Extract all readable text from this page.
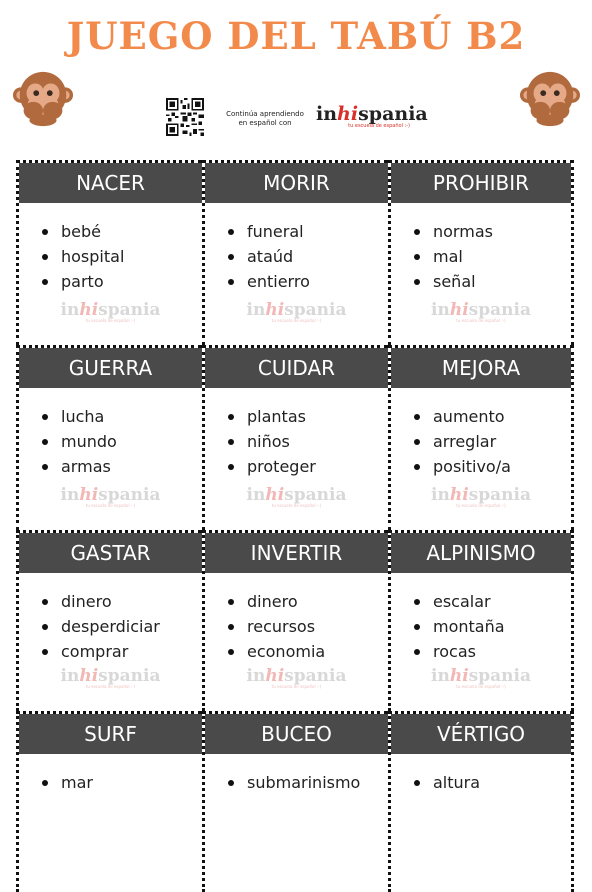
JUEGO DEL TABÚ B2
Continúa aprendiendo
en español con	inhispania
tu escuela de español :-)
NACER
bebé
hospital
parto
inhispania
tu escuela de español :-)
MORIR
funeral
ataúd
entierro
inhispania
tu escuela de español :-)
PROHIBIR
normas
mal
señal
inhispania
tu escuela de español :-)
GUERRA
lucha
mundo
armas
inhispania
tu escuela de español :-)
CUIDAR
plantas
niños
proteger
inhispania
tu escuela de español :-)
MEJORA
aumento
arreglar
positivo/a
inhispania
tu escuela de español :-)
GASTAR
dinero
desperdiciar
comprar
inhispania
tu escuela de español :-)
INVERTIR
dinero
recursos
economia
inhispania
tu escuela de español :-)
ALPINISMO
escalar
montaña
rocas
inhispania
tu escuela de español :-)
SURF
mar
BUCEO
submarinismo
VÉRTIGO
altura
